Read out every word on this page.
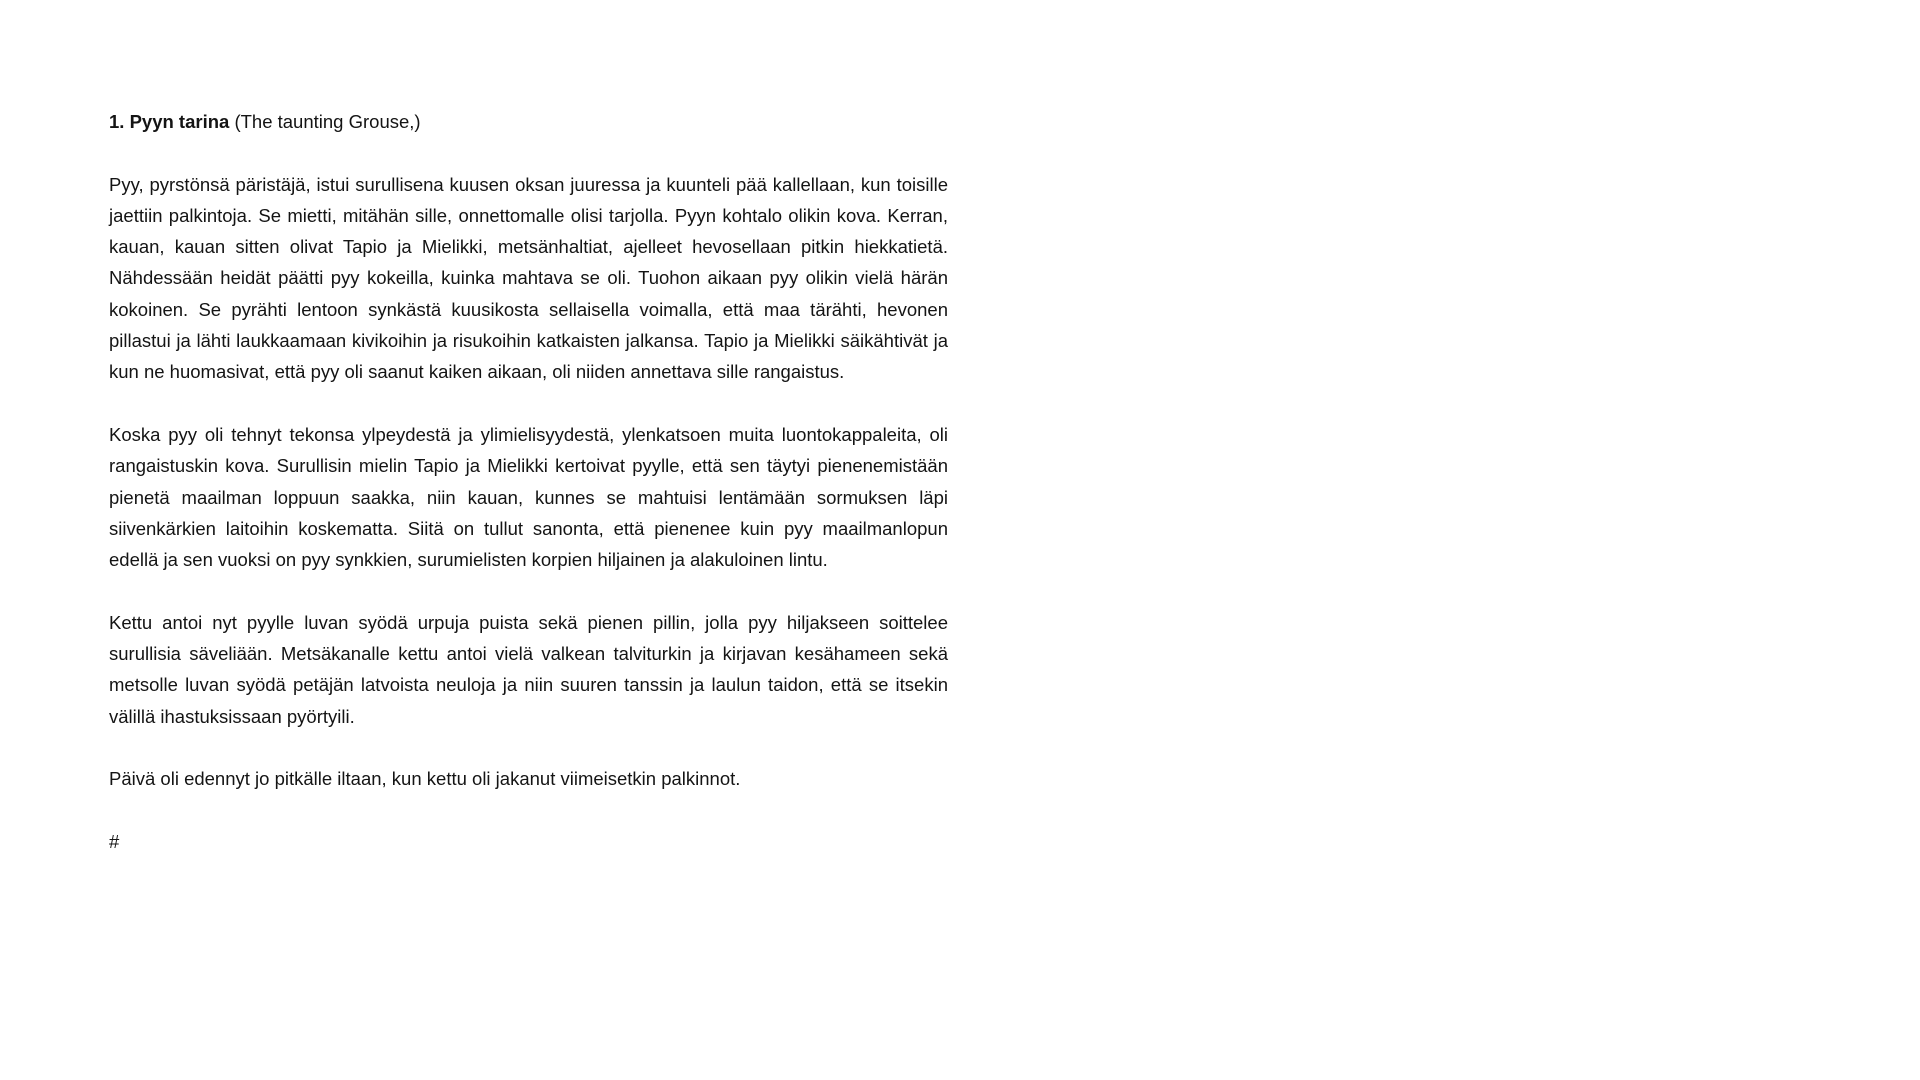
1. Pyyn tarina (The taunting Grouse,)

Pyy, pyrstönsä päristäjä, istui surullisena kuusen oksan juuressa ja kuunteli pää kallellaan, kun toisille jaettiin palkintoja. Se mietti, mitähän sille, onnettomalle olisi tarjolla. Pyyn kohtalo olikin kova. Kerran, kauan, kauan sitten olivat Tapio ja Mielikki, metsänhaltiat, ajelleet hevosellaan pitkin hiekkatietä. Nähdessään heidät päätti pyy kokeilla, kuinka mahtava se oli. Tuohon aikaan pyy olikin vielä härän kokoinen. Se pyrähti lentoon synkästä kuusikosta sellaisella voimalla, että maa tärähti, hevonen pillastui ja lähti laukkaamaan kivikoihin ja risukoihin katkaisten jalkansa. Tapio ja Mielikki säikähtivät ja kun ne huomasivat, että pyy oli saanut kaiken aikaan, oli niiden annettava sille rangaistus.

Koska pyy oli tehnyt tekonsa ylpeydestä ja ylimielisyydestä, ylenkatsoen muita luontokappaleita, oli rangaistuskin kova. Surullisin mielin Tapio ja Mielikki kertoivat pyylle, että sen täytyi pienenemistään pienetä maailman loppuun saakka, niin kauan, kunnes se mahtuisi lentämään sormuksen läpi siivenkärkien laitoihin koskematta. Siitä on tullut sanonta, että pienenee kuin pyy maailmanlopun edellä ja sen vuoksi on pyy synkkien, surumielisten korpien hiljainen ja alakuloinen lintu.

Kettu antoi nyt pyylle luvan syödä urpuja puista sekä pienen pillin, jolla pyy hiljakseen soittelee surullisia säveliään. Metsäkanalle kettu antoi vielä valkean talviturkin ja kirjavan kesähameen sekä metsolle luvan syödä petäjän latvoista neuloja ja niin suuren tanssin ja laulun taidon, että se itsekin välillä ihastuksissaan pyörtyili.

Päivä oli edennyt jo pitkälle iltaan, kun kettu oli jakanut viimeisetkin palkinnot.

#
